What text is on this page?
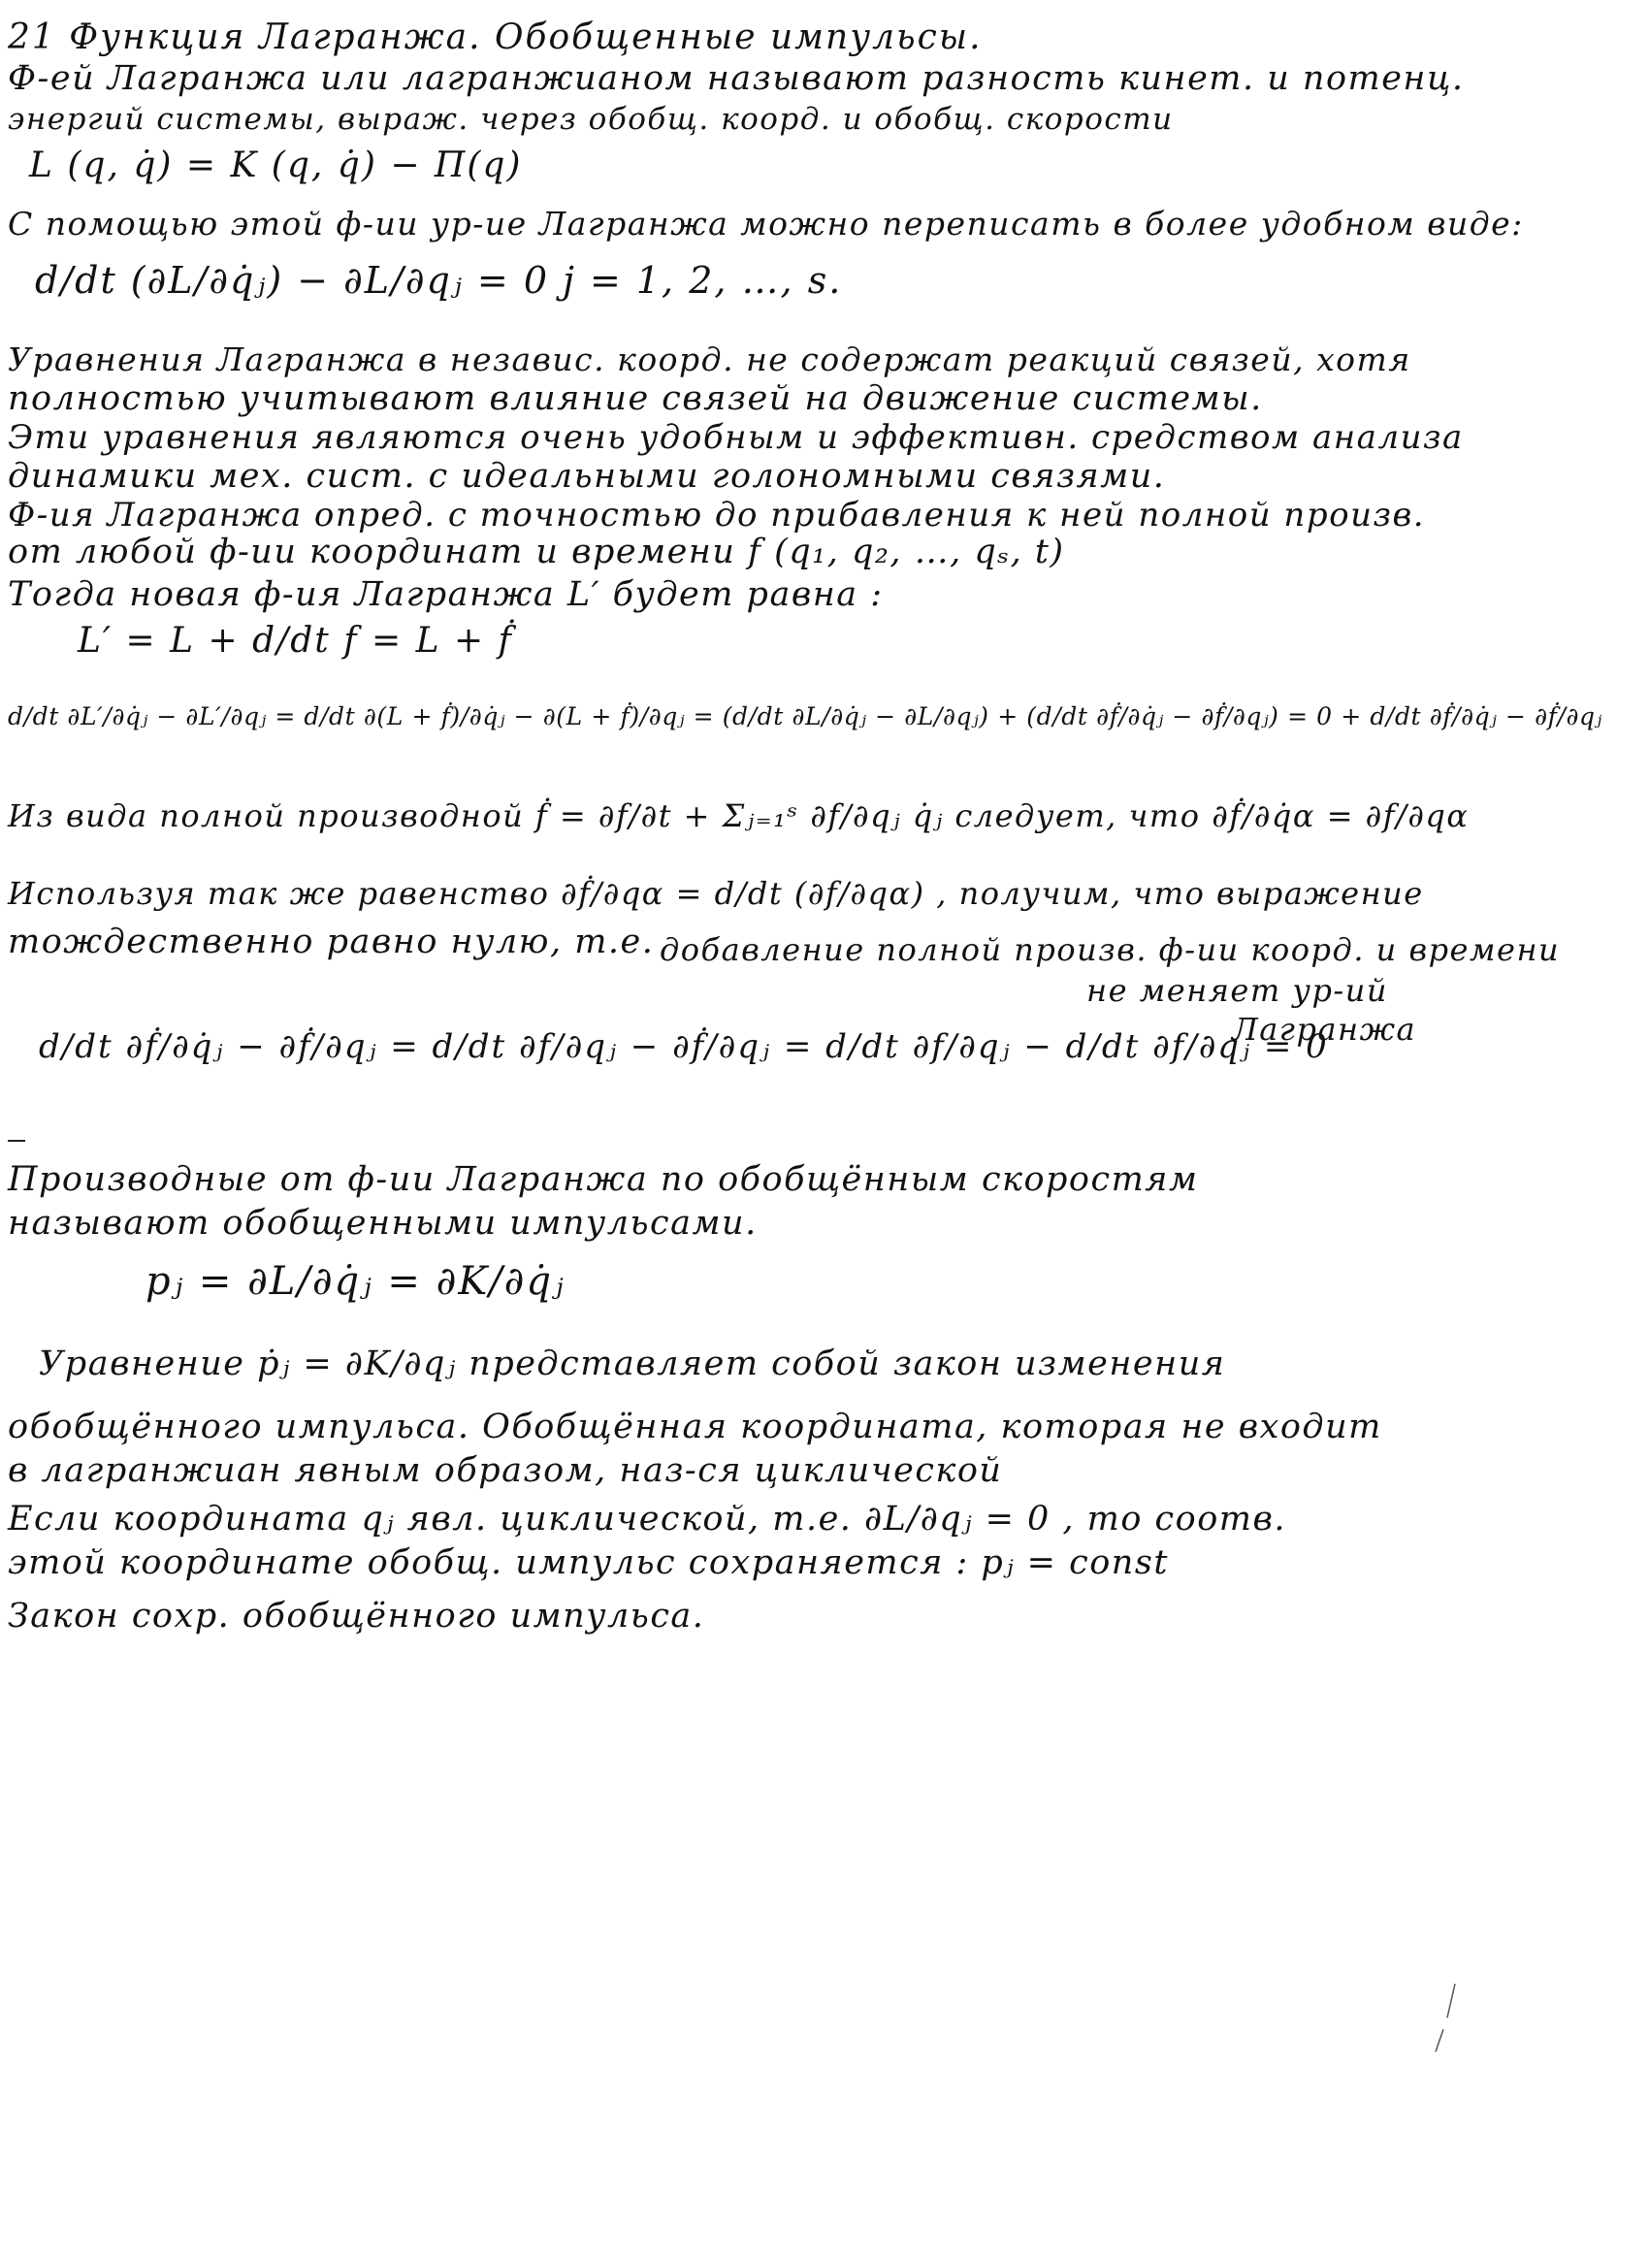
21 Функция Лагранжа. Обобщенные импульсы.
Ф-ей Лагранжа или лагранжианом называют разность кинет. и потенц.
энергий системы, выраж. через обобщ. коорд. и обобщ. скорости
L (q, q̇) = K (q, q̇) − Π(q)
С помощью этой ф-ии ур-ие Лагранжа можно переписать в более удобном виде:
d/dt (∂L/∂q̇ⱼ) − ∂L/∂qⱼ = 0 j = 1, 2, …, s.
Уравнения Лагранжа в независ. коорд. не содержат реакций связей, хотя
полностью учитывают влияние связей на движение системы.
Эти уравнения являются очень удобным и эффективн. средством анализа
динамики мех. сист. с идеальными голономными связями.
Ф-ия Лагранжа опред. с точностью до прибавления к ней полной произв.
от любой ф-ии координат и времени f (q₁, q₂, …, qₛ, t)
Тогда новая ф-ия Лагранжа L′ будет равна :
L′ = L + d/dt f = L + ḟ
d/dt ∂L′/∂q̇ⱼ − ∂L′/∂qⱼ = d/dt ∂(L + ḟ)/∂q̇ⱼ − ∂(L + ḟ)/∂qⱼ = (d/dt ∂L/∂q̇ⱼ − ∂L/∂qⱼ) + (d/dt ∂ḟ/∂q̇ⱼ − ∂ḟ/∂qⱼ) = 0 + d/dt ∂ḟ/∂q̇ⱼ − ∂ḟ/∂qⱼ
Из вида полной производной ḟ = ∂f/∂t + Σⱼ₌₁ˢ ∂f/∂qⱼ q̇ⱼ следует, что ∂ḟ/∂q̇α = ∂f/∂qα
Используя так же равенство ∂ḟ/∂qα = d/dt (∂f/∂qα) , получим, что выражение
тождественно равно нулю, т.е. добавление полной произв. ф-ии коорд. и времени
не меняет ур-ий
Лагранжа
d/dt ∂ḟ/∂q̇ⱼ − ∂ḟ/∂qⱼ = d/dt ∂f/∂qⱼ − ∂ḟ/∂qⱼ = d/dt ∂f/∂qⱼ − d/dt ∂f/∂qⱼ = 0
Производные от ф-ии Лагранжа по обобщённым скоростям
называют обобщенными импульсами.
pⱼ = ∂L/∂q̇ⱼ = ∂K/∂q̇ⱼ
Уравнение ṗⱼ = ∂K/∂qⱼ представляет собой закон изменения
обобщённого импульса. Обобщённая координата, которая не входит
в лагранжиан явным образом, наз-ся циклической
Если координата qⱼ явл. циклической, т.е. ∂L/∂qⱼ = 0 , то соотв.
этой координате обобщ. импульс сохраняется : pⱼ = const
Закон сохр. обобщённого импульса.
